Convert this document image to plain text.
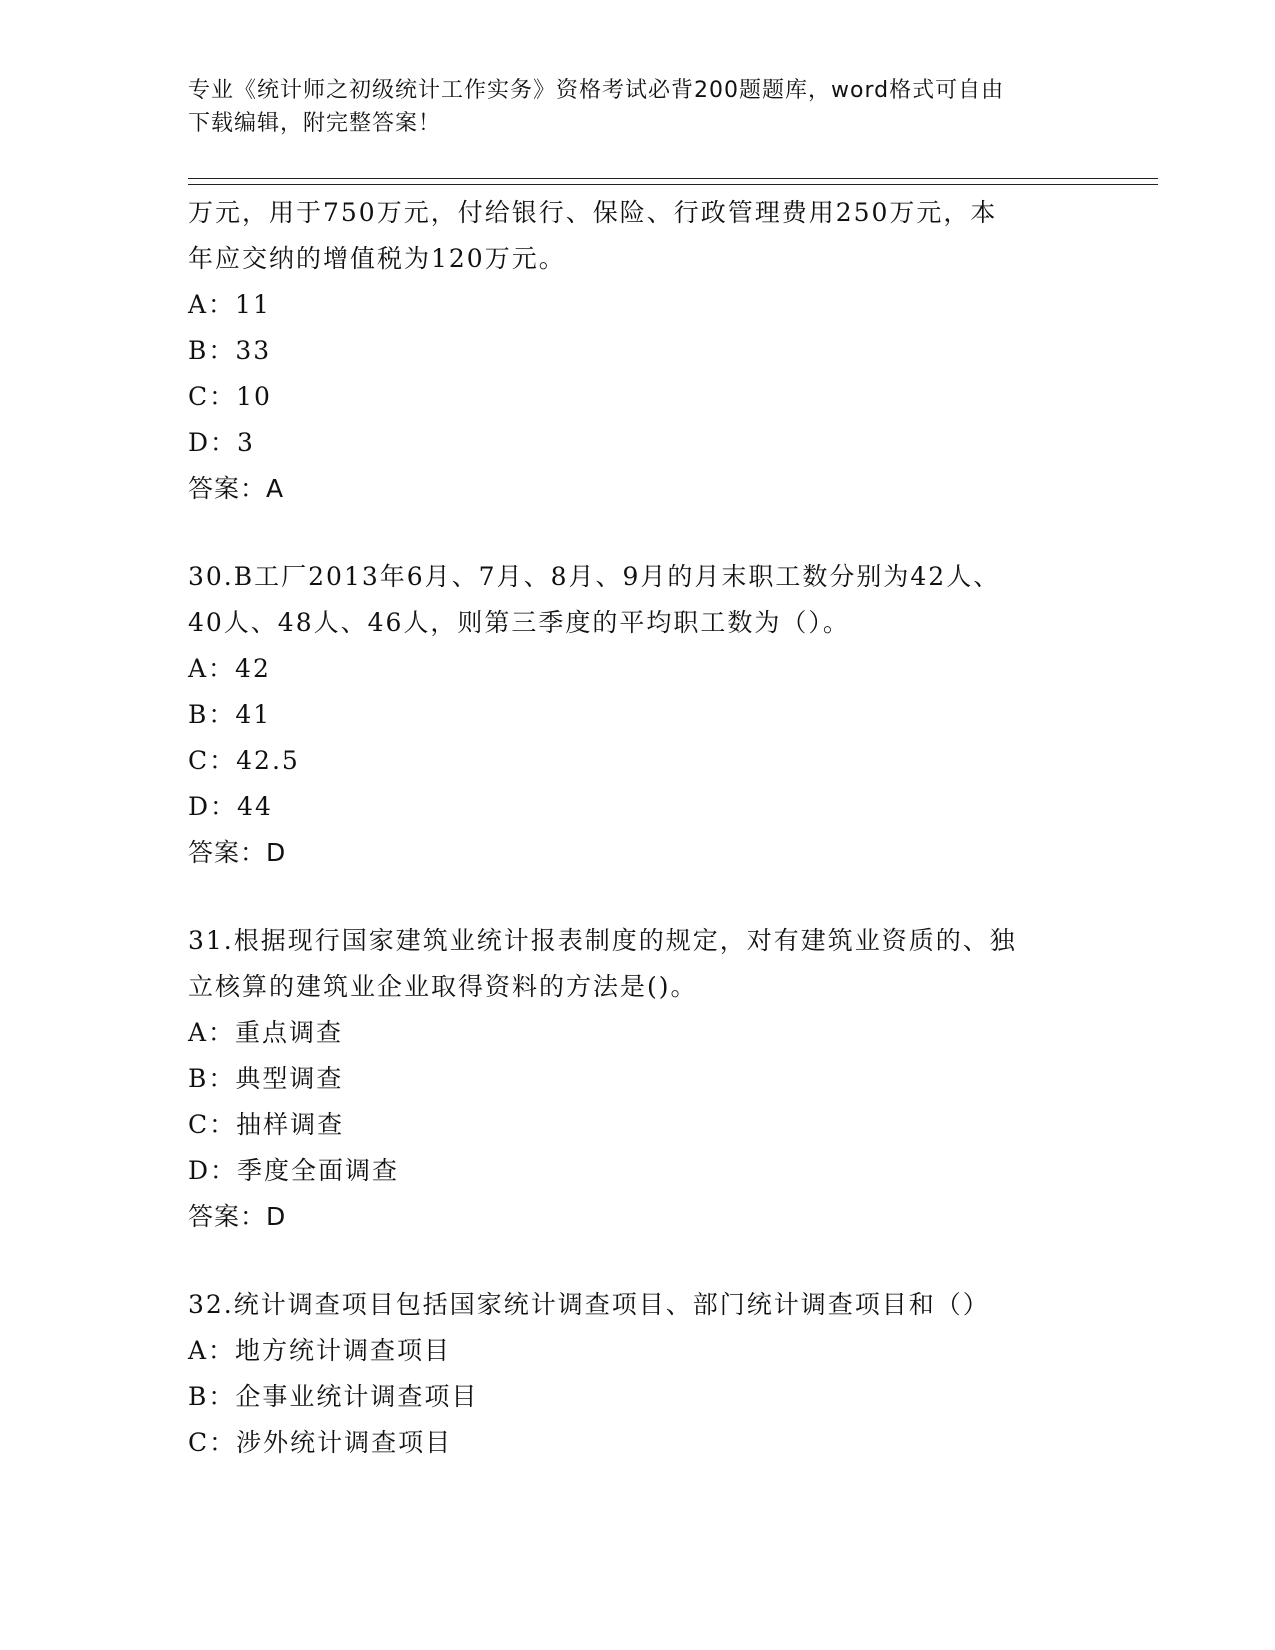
专业《统计师之初级统计工作实务》资格考试必背200题题库，word格式可自由
下载编辑，附完整答案！
万元，用于750万元，付给银行、保险、行政管理费用250万元，本
年应交纳的增值税为120万元。
A：11
B：33
C：10
D：3
答案：A
30.B工厂2013年6月、7月、8月、9月的月末职工数分别为42人、
40人、48人、46人，则第三季度的平均职工数为（）。
A：42
B：41
C：42.5
D：44
答案：D
31.根据现行国家建筑业统计报表制度的规定，对有建筑业资质的、独
立核算的建筑业企业取得资料的方法是()。
A：重点调查
B：典型调查
C：抽样调查
D：季度全面调查
答案：D
32.统计调查项目包括国家统计调查项目、部门统计调查项目和（）
A：地方统计调查项目
B：企事业统计调查项目
C：涉外统计调查项目
